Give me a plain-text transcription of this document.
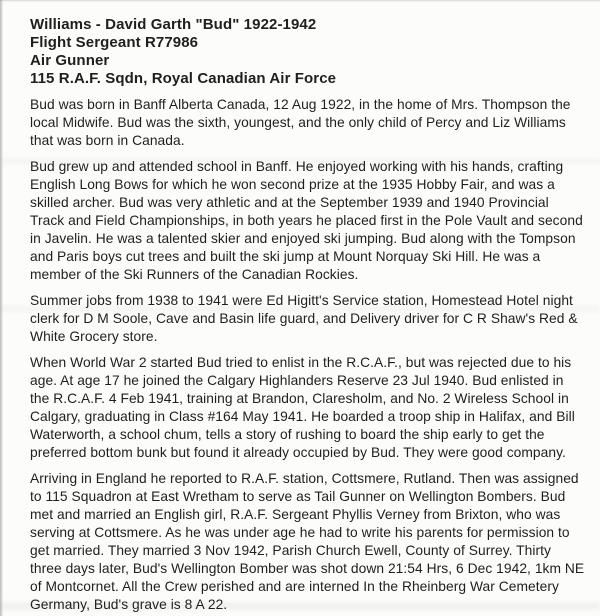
Williams - David Garth "Bud" 1922-1942
Flight Sergeant R77986
Air Gunner
115 R.A.F. Sqdn, Royal Canadian Air Force

Bud was born in Banff Alberta Canada, 12 Aug 1922, in the home of Mrs. Thompson the local Midwife. Bud was the sixth, youngest, and the only child of Percy and Liz Williams that was born in Canada.

Bud grew up and attended school in Banff. He enjoyed working with his hands, crafting English Long Bows for which he won second prize at the 1935 Hobby Fair, and was a skilled archer. Bud was very athletic and at the September 1939 and 1940 Provincial Track and Field Championships, in both years he placed first in the Pole Vault and second in Javelin. He was a talented skier and enjoyed ski jumping. Bud along with the Tompson and Paris boys cut trees and built the ski jump at Mount Norquay Ski Hill. He was a member of the Ski Runners of the Canadian Rockies.

Summer jobs from 1938 to 1941 were Ed Higitt's Service station, Homestead Hotel night clerk for D M Soole, Cave and Basin life guard, and Delivery driver for C R Shaw's Red & White Grocery store.

When World War 2 started Bud tried to enlist in the R.C.A.F., but was rejected due to his age. At age 17 he joined the Calgary Highlanders Reserve 23 Jul 1940. Bud enlisted in the R.C.A.F. 4 Feb 1941, training at Brandon, Claresholm, and No. 2 Wireless School in Calgary, graduating in Class #164 May 1941. He boarded a troop ship in Halifax, and Bill Waterworth, a school chum, tells a story of rushing to board the ship early to get the preferred bottom bunk but found it already occupied by Bud. They were good company.

Arriving in England he reported to R.A.F. station, Cottsmere, Rutland. Then was assigned to 115 Squadron at East Wretham to serve as Tail Gunner on Wellington Bombers. Bud met and married an English girl, R.A.F. Sergeant Phyllis Verney from Brixton, who was serving at Cottsmere. As he was under age he had to write his parents for permission to get married. They married 3 Nov 1942, Parish Church Ewell, County of Surrey. Thirty three days later, Bud's Wellington Bomber was shot down 21:54 Hrs, 6 Dec 1942, 1km NE of Montcornet. All the Crew perished and are interned In the Rheinberg War Cemetery Germany, Bud's grave is 8 A 22.
